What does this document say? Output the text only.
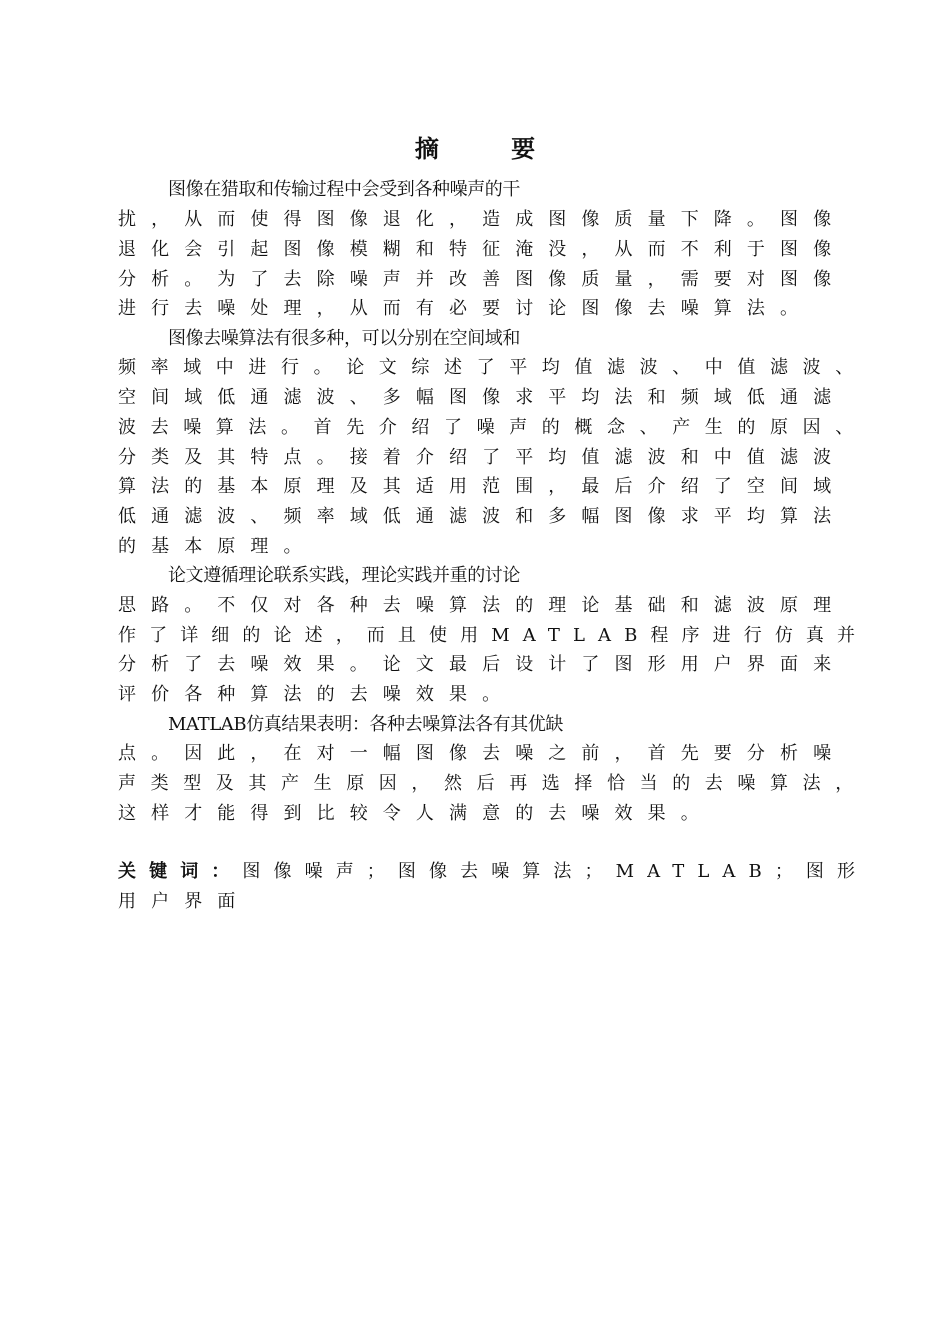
摘 要
图像在猎取和传输过程中会受到各种噪声的干
扰，从而使得图像退化，造成图像质量下降。图像
退化会引起图像模糊和特征淹没，从而不利于图像
分析。为了去除噪声并改善图像质量，需要对图像
进行去噪处理，从而有必要讨论图像去噪算法。
图像去噪算法有很多种，可以分别在空间域和
频率域中进行。论文综述了平均值滤波、中值滤波、
空间域低通滤波、多幅图像求平均法和频域低通滤
波去噪算法。首先介绍了噪声的概念、产生的原因、
分类及其特点。接着介绍了平均值滤波和中值滤波
算法的基本原理及其适用范围，最后介绍了空间域
低通滤波、频率域低通滤波和多幅图像求平均算法
的基本原理。
论文遵循理论联系实践，理论实践并重的讨论
思路。不仅对各种去噪算法的理论基础和滤波原理
作了详细的论述，而且使用MATLAB程序进行仿真并
分析了去噪效果。论文最后设计了图形用户界面来
评价各种算法的去噪效果。
MATLAB仿真结果表明：各种去噪算法各有其优缺
点。因此，在对一幅图像去噪之前，首先要分析噪
声类型及其产生原因，然后再选择恰当的去噪算法，
这样才能得到比较令人满意的去噪效果。
关键词：图像噪声；图像去噪算法；MATLAB；图形
用户界面
